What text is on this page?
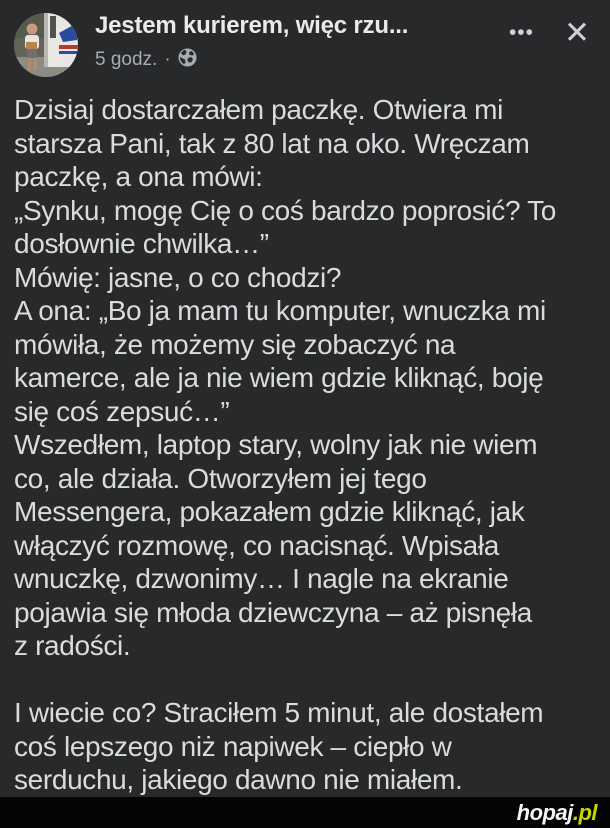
Jestem kurierem, więc rzu...
5 godz. ·
••• ✕
Dzisiaj dostarczałem paczkę. Otwiera mi
starsza Pani, tak z 80 lat na oko. Wręczam
paczkę, a ona mówi:
„Synku, mogę Cię o coś bardzo poprosić? To
dosłownie chwilka…”
Mówię: jasne, o co chodzi?
A ona: „Bo ja mam tu komputer, wnuczka mi
mówiła, że możemy się zobaczyć na
kamerce, ale ja nie wiem gdzie kliknąć, boję
się coś zepsuć…”
Wszedłem, laptop stary, wolny jak nie wiem
co, ale działa. Otworzyłem jej tego
Messengera, pokazałem gdzie kliknąć, jak
włączyć rozmowę, co nacisnąć. Wpisała
wnuczkę, dzwonimy… I nagle na ekranie
pojawia się młoda dziewczyna – aż pisnęła
z radości.
I wiecie co? Straciłem 5 minut, ale dostałem
coś lepszego niż napiwek – ciepło w
serduchu, jakiego dawno nie miałem.
hopaj.pl
